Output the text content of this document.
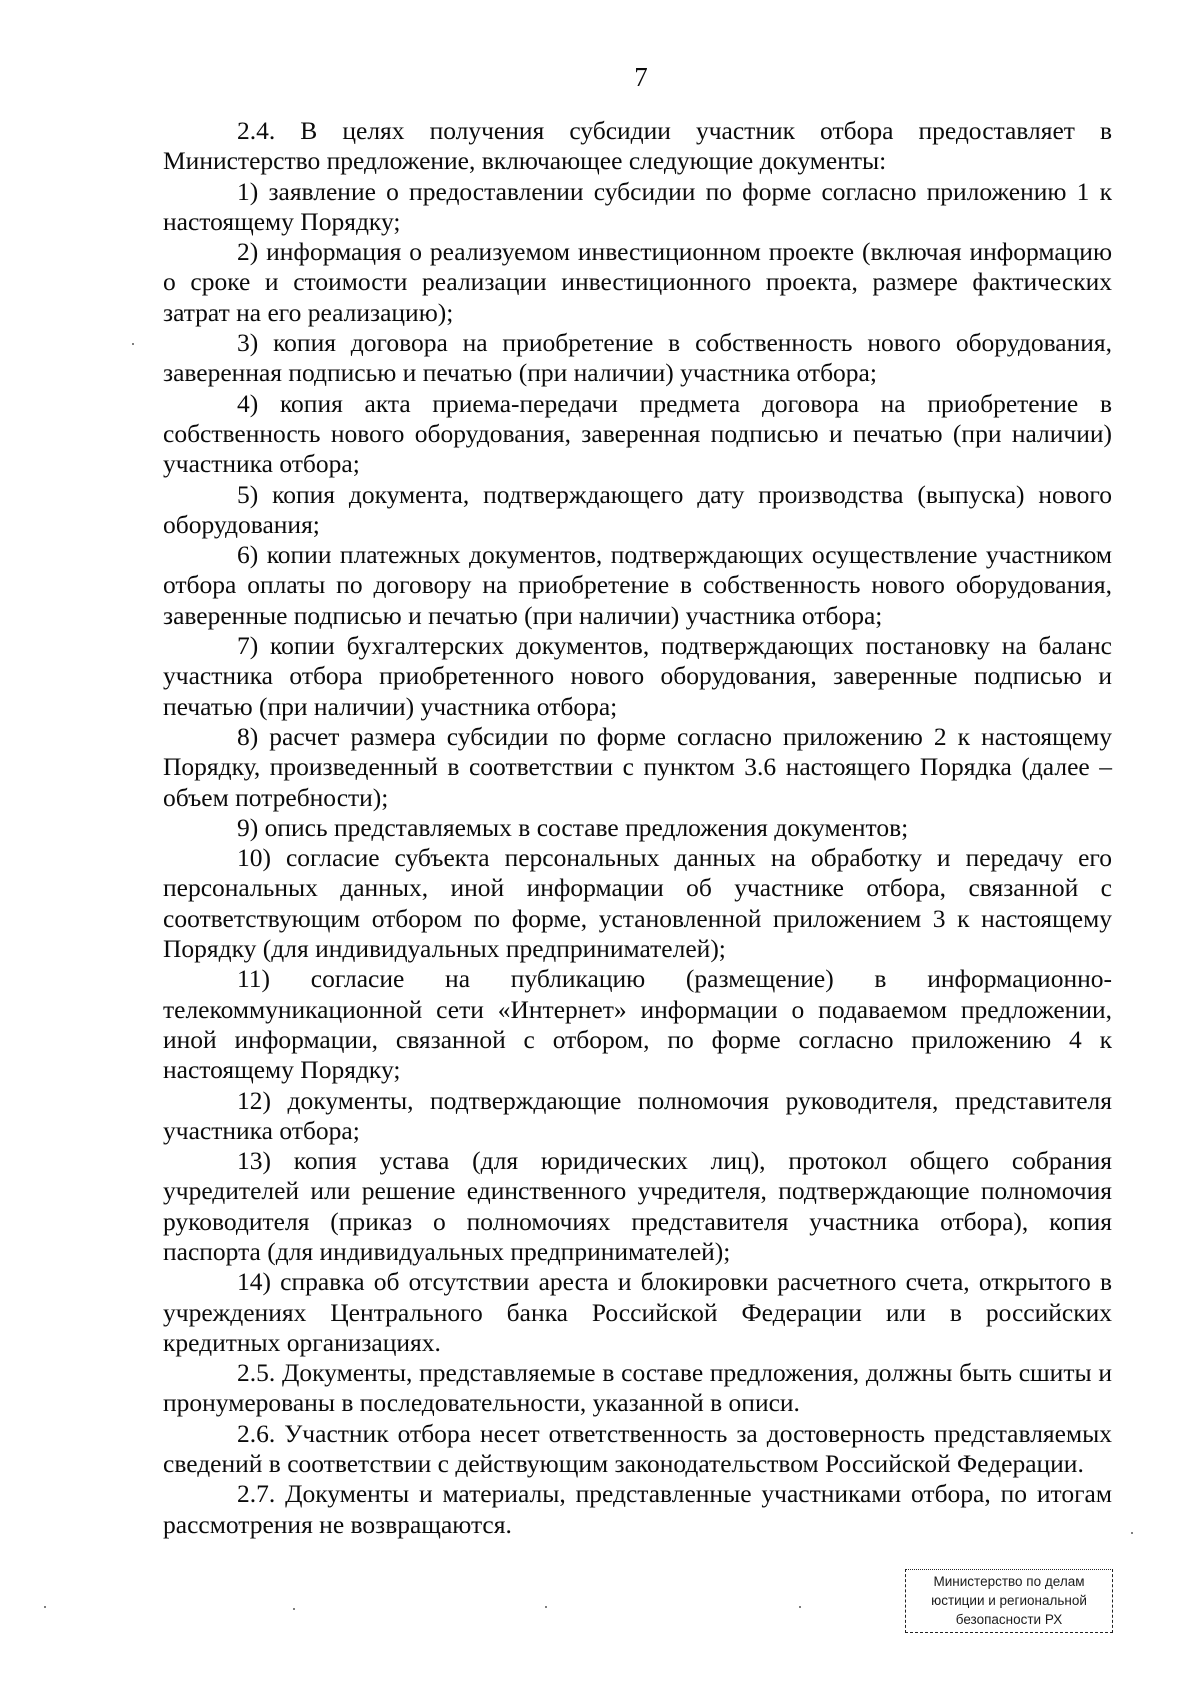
7

2.4. В целях получения субсидии участник отбора предоставляет в Министерство предложение, включающее следующие документы:

1) заявление о предоставлении субсидии по форме согласно приложению 1 к настоящему Порядку;

2) информация о реализуемом инвестиционном проекте (включая информацию о сроке и стоимости реализации инвестиционного проекта, размере фактических затрат на его реализацию);

3) копия договора на приобретение в собственность нового оборудования, заверенная подписью и печатью (при наличии) участника отбора;

4) копия акта приема-передачи предмета договора на приобретение в собственность нового оборудования, заверенная подписью и печатью (при наличии) участника отбора;

5) копия документа, подтверждающего дату производства (выпуска) нового оборудования;

6) копии платежных документов, подтверждающих осуществление участником отбора оплаты по договору на приобретение в собственность нового оборудования, заверенные подписью и печатью (при наличии) участника отбора;

7) копии бухгалтерских документов, подтверждающих постановку на баланс участника отбора приобретенного нового оборудования, заверенные подписью и печатью (при наличии) участника отбора;

8) расчет размера субсидии по форме согласно приложению 2 к настоящему Порядку, произведенный в соответствии с пунктом 3.6 настоящего Порядка (далее – объем потребности);

9) опись представляемых в составе предложения документов;

10) согласие субъекта персональных данных на обработку и передачу его персональных данных, иной информации об участнике отбора, связанной с соответствующим отбором по форме, установленной приложением 3 к настоящему Порядку (для индивидуальных предпринимателей);

11) согласие на публикацию (размещение) в информационно-телекоммуникационной сети «Интернет» информации о подаваемом предложении, иной информации, связанной с отбором, по форме согласно приложению 4 к настоящему Порядку;

12) документы, подтверждающие полномочия руководителя, представителя участника отбора;

13) копия устава (для юридических лиц), протокол общего собрания учредителей или решение единственного учредителя, подтверждающие полномочия руководителя (приказ о полномочиях представителя участника отбора), копия паспорта (для индивидуальных предпринимателей);

14) справка об отсутствии ареста и блокировки расчетного счета, открытого в учреждениях Центрального банка Российской Федерации или в российских кредитных организациях.

2.5. Документы, представляемые в составе предложения, должны быть сшиты и пронумерованы в последовательности, указанной в описи.

2.6. Участник отбора несет ответственность за достоверность представляемых сведений в соответствии с действующим законодательством Российской Федерации.

2.7. Документы и материалы, представленные участниками отбора, по итогам рассмотрения не возвращаются.

Министерство по делам
юстиции и региональной
безопасности РХ
